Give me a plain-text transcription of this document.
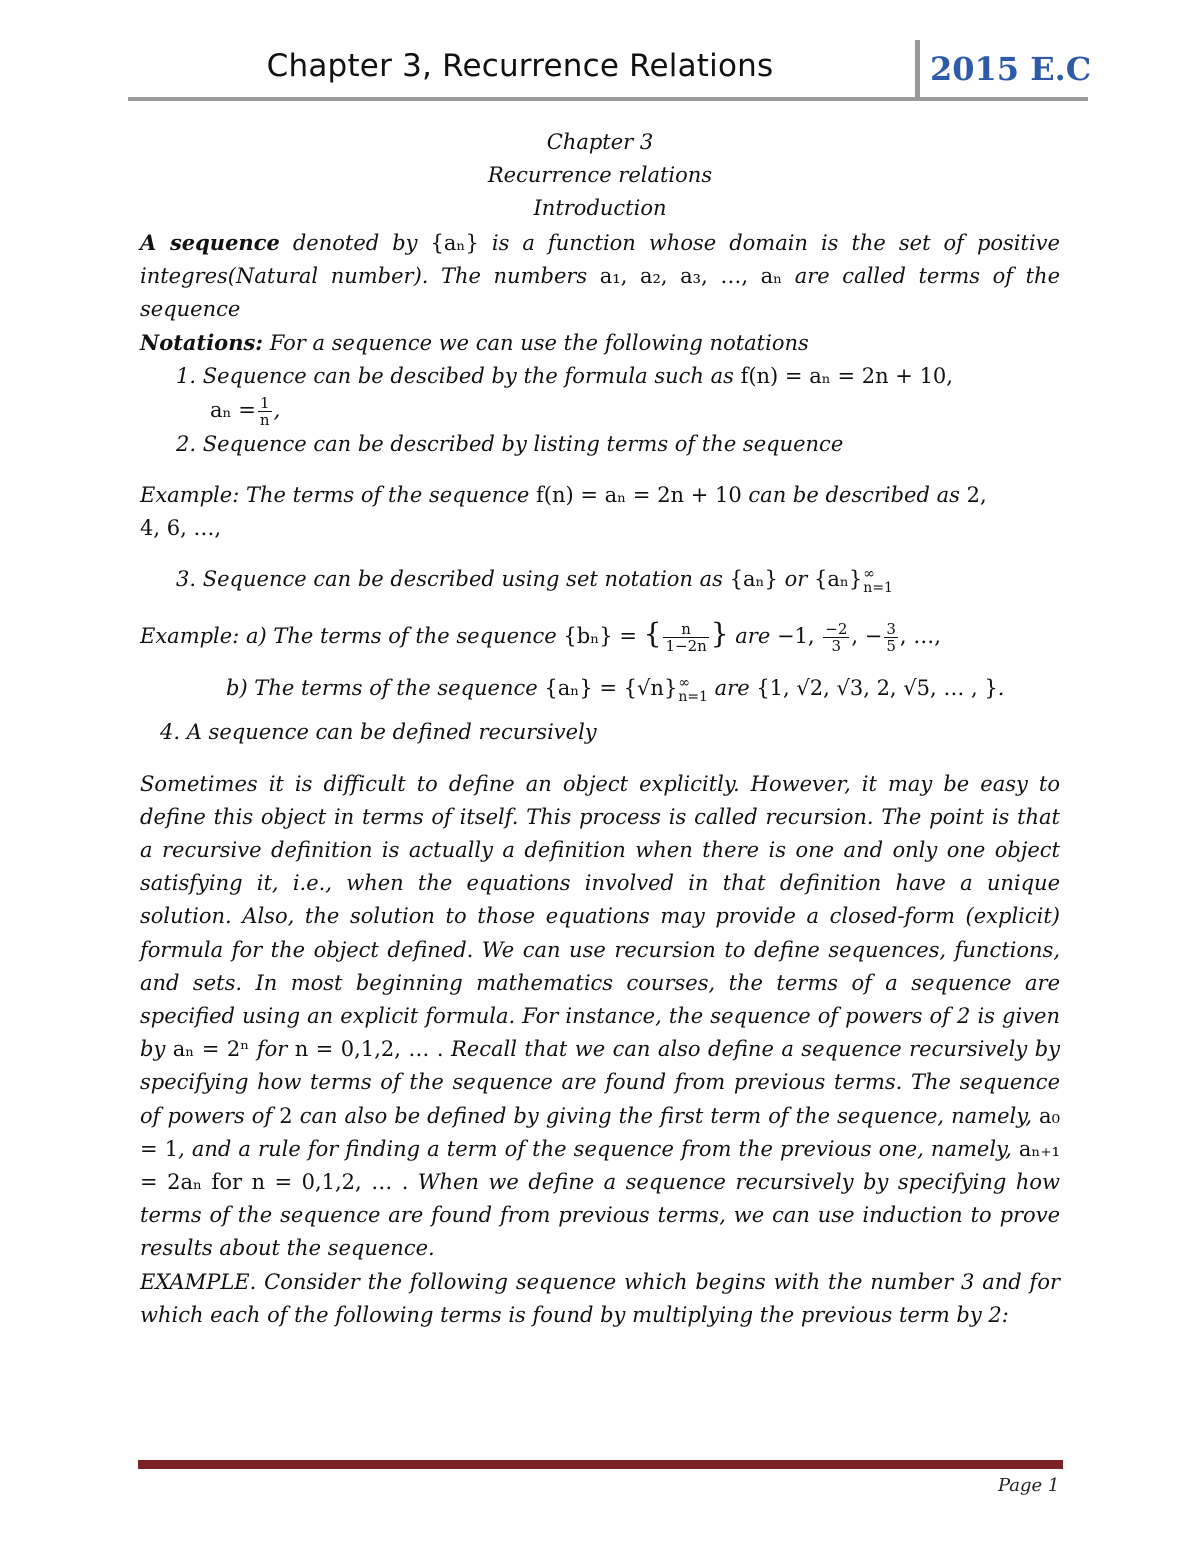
Chapter 3, Recurrence Relations	2015 E.C
Chapter 3
Recurrence relations
Introduction
A sequence denoted by {aₙ} is a function whose domain is the set of positive integres(Natural number). The numbers a₁, a₂, a₃, …, aₙ are called terms of the sequence
Notations: For a sequence we can use the following notations
1. Sequence can be descibed by the formula such as f(n) = aₙ = 2n + 10,
$a_n = \frac{1}{n}$ ,
2. Sequence can be described by listing terms of the sequence
Example: The terms of the sequence f(n) = aₙ = 2n + 10 can be described as 2,
4, 6, …,
3. Sequence can be described using set notation as {aₙ} or {aₙ} ∞
n=1
Example: a) The terms of the sequence {bₙ} = { $\frac{n}{1-2n}$ } are −1, $\frac{-2}{3}$ , − $\frac{3}{5}$ , …,
b) The terms of the sequence {aₙ} = {√n} ∞
n=1 are {1, √2, √3, 2, √5, … , }.
4. A sequence can be defined recursively
Sometimes it is difficult to define an object explicitly. However, it may be easy to define this object in terms of itself. This process is called recursion. The point is that a recursive definition is actually a definition when there is one and only one object satisfying it, i.e., when the equations involved in that definition have a unique solution. Also, the solution to those equations may provide a closed-form (explicit) formula for the object defined. We can use recursion to define sequences, functions, and sets. In most beginning mathematics courses, the terms of a sequence are specified using an explicit formula. For instance, the sequence of powers of 2 is given by aₙ = 2ⁿ for n = 0,1,2, … . Recall that we can also define a sequence recursively by specifying how terms of the sequence are found from previous terms. The sequence of powers of 2 can also be defined by giving the first term of the sequence, namely, a₀ = 1, and a rule for finding a term of the sequence from the previous one, namely, aₙ₊₁ = 2aₙ for n = 0,1,2, … . When we define a sequence recursively by specifying how terms of the sequence are found from previous terms, we can use induction to prove results about the sequence.
EXAMPLE. Consider the following sequence which begins with the number 3 and for which each of the following terms is found by multiplying the previous term by 2:
Page 1
